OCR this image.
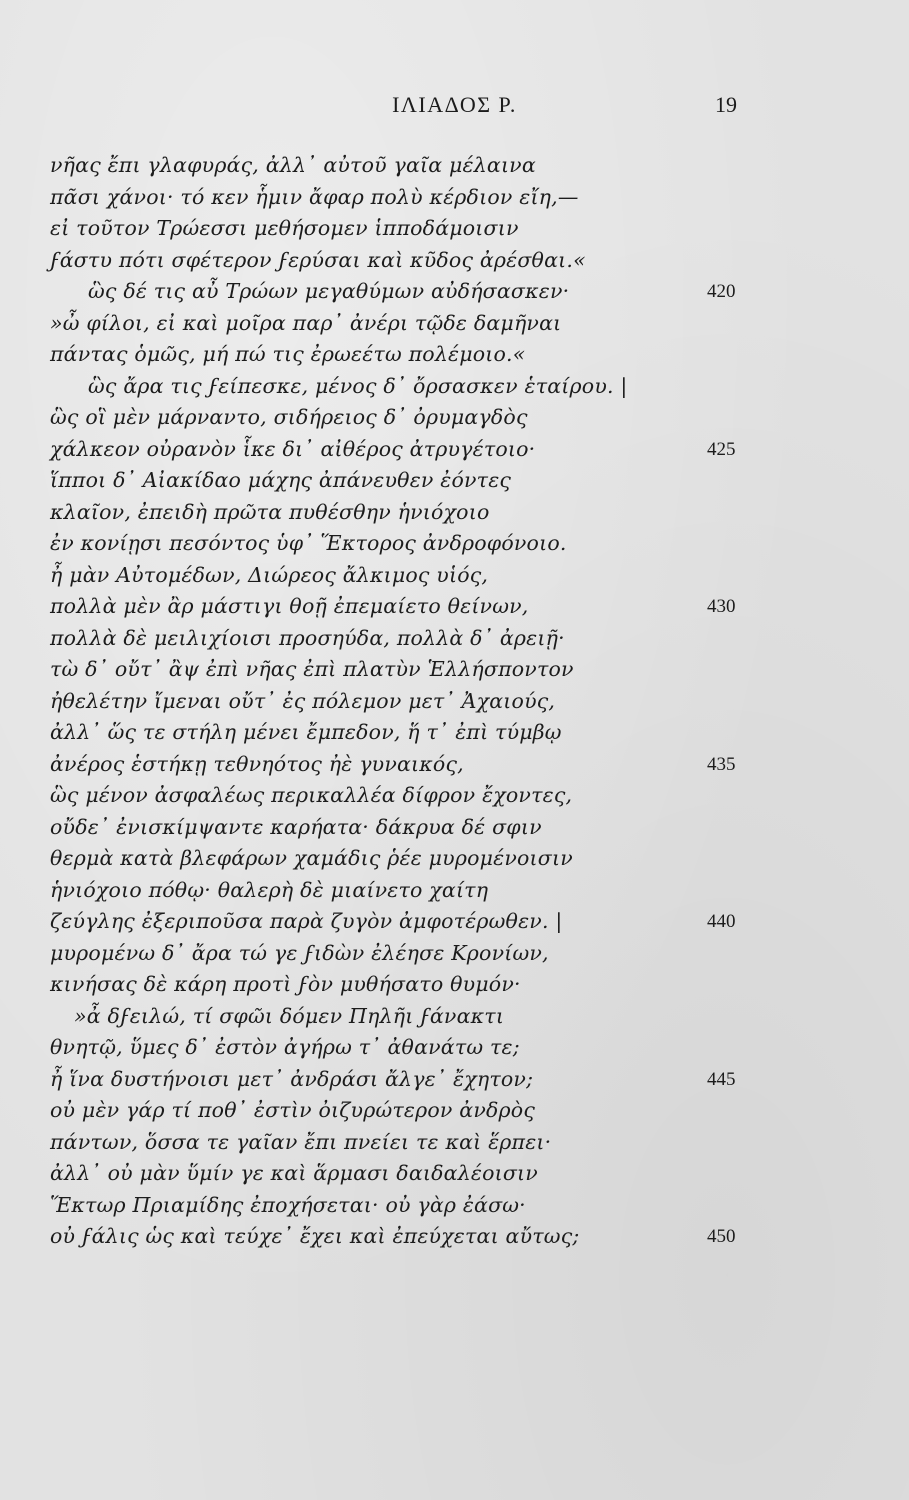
ΙΛΙΑΔΟΣ Ρ.	19
νῆας ἔπι γλαφυράς, ἀλλ᾽ αὐτοῦ γαῖα μέλαινα
πᾶσι χάνοι· τό κεν ἧμιν ἄφαρ πολὺ κέρδιον εἴη,—
εἰ τοῦτον Τρώεσσι μεθήσομεν ἱπποδάμοισιν
ϝάστυ πότι σφέτερον ϝερύσαι καὶ κῦδος ἀρέσθαι.«
ὣς δέ τις αὖ Τρώων μεγαθύμων αὐδήσασκεν·	420
»ὦ φίλοι, εἰ καὶ μοῖρα παρ᾽ ἀνέρι τῷδε δαμῆναι
πάντας ὁμῶς, μή πώ τις ἐρωεέτω πολέμοιο.«
ὣς ἄρα τις ϝείπεσκε, μένος δ᾽ ὄρσασκεν ἑταίρου. |
ὣς οἳ μὲν μάρναντο, σιδήρειος δ᾽ ὀρυμαγδὸς
χάλκεον οὐρανὸν ἷκε δι᾽ αἰθέρος ἀτρυγέτοιο·	425
ἵπποι δ᾽ Αἰακίδαο μάχης ἀπάνευθεν ἐόντες
κλαῖον, ἐπειδὴ πρῶτα πυθέσθην ἡνιόχοιο
ἐν κονίῃσι πεσόντος ὑφ᾽ Ἕκτορος ἀνδροφόνοιο.
ἦ μὰν Αὐτομέδων, Διώρεος ἄλκιμος υἱός,
πολλὰ μὲν ἂρ μάστιγι θοῇ ἐπεμαίετο θείνων,	430
πολλὰ δὲ μειλιχίοισι προσηύδα, πολλὰ δ᾽ ἀρειῇ·
τὼ δ᾽ οὔτ᾽ ἂψ ἐπὶ νῆας ἐπὶ πλατὺν Ἑλλήσποντον
ἠθελέτην ἴμεναι οὔτ᾽ ἐς πόλεμον μετ᾽ Ἀχαιούς,
ἀλλ᾽ ὥς τε στήλη μένει ἔμπεδον, ἥ τ᾽ ἐπὶ τύμβῳ
ἀνέρος ἑστήκῃ τεθνηότος ἠὲ γυναικός,	435
ὣς μένον ἀσφαλέως περικαλλέα δίφρον ἔχοντες,
οὔδε᾽ ἐνισκίμψαντε καρήατα· δάκρυα δέ σφιν
θερμὰ κατὰ βλεφάρων χαμάδις ῥέε μυρομένοισιν
ἡνιόχοιο πόθῳ· θαλερὴ δὲ μιαίνετο χαίτη
ζεύγλης ἐξεριποῦσα παρὰ ζυγὸν ἀμφοτέρωθεν. |	440
μυρομένω δ᾽ ἄρα τώ γε ϝιδὼν ἐλέησε Κρονίων,
κινήσας δὲ κάρη προτὶ ϝὸν μυθήσατο θυμόν·
»ἆ δϝειλώ, τί σφῶι δόμεν Πηλῆι ϝάνακτι
θνητῷ, ὕμες δ᾽ ἐστὸν ἀγήρω τ᾽ ἀθανάτω τε;
ἦ ἵνα δυστήνοισι μετ᾽ ἀνδράσι ἄλγε᾽ ἔχητον;	445
οὐ μὲν γάρ τί ποθ᾽ ἐστὶν ὀιζυρώτερον ἀνδρὸς
πάντων, ὅσσα τε γαῖαν ἔπι πνείει τε καὶ ἕρπει·
ἀλλ᾽ οὐ μὰν ὕμίν γε καὶ ἅρμασι δαιδαλέοισιν
Ἕκτωρ Πριαμίδης ἐποχήσεται· οὐ γὰρ ἐάσω·
οὐ ϝάλις ὡς καὶ τεύχε᾽ ἔχει καὶ ἐπεύχεται αὔτως;	450
